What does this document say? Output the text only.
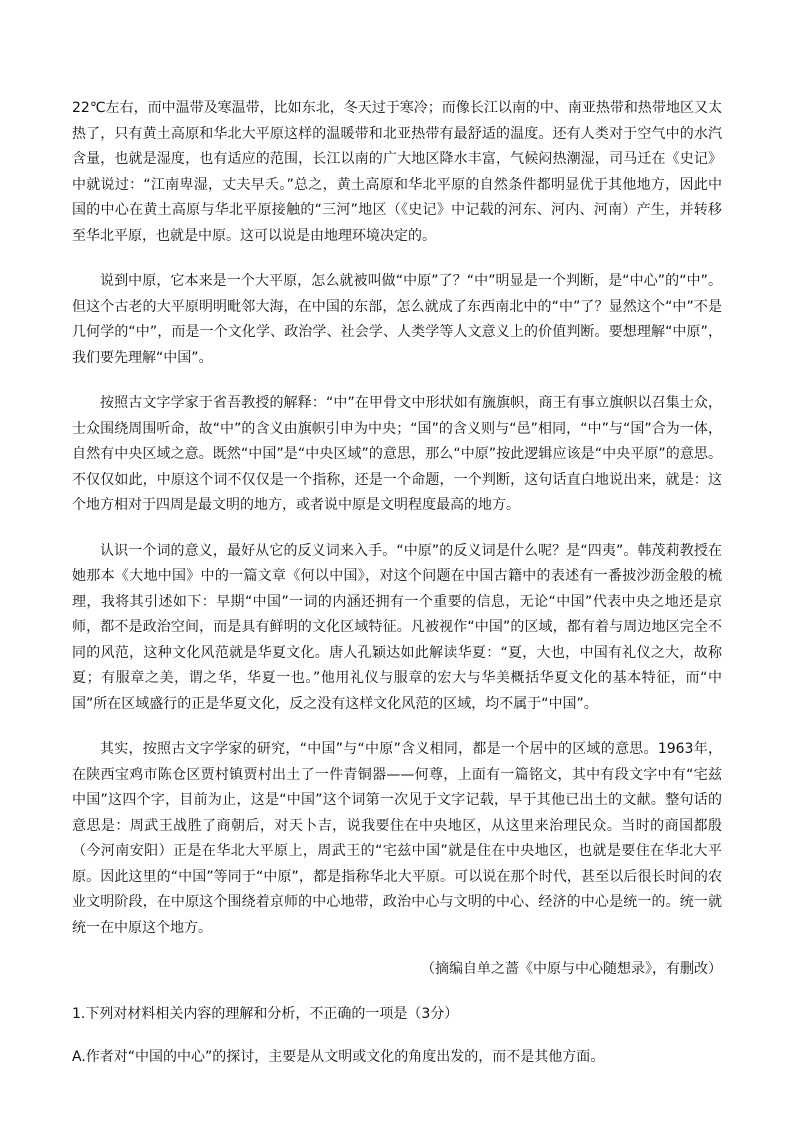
22℃左右，而中温带及寒温带，比如东北，冬天过于寒冷；而像长江以南的中、南亚热带和热带地区又太热了，只有黄土高原和华北大平原这样的温暖带和北亚热带有最舒适的温度。还有人类对于空气中的水汽含量，也就是湿度，也有适应的范围，长江以南的广大地区降水丰富，气候闷热潮湿，司马迁在《史记》中就说过：“江南卑湿，丈夫早夭。”总之，黄土高原和华北平原的自然条件都明显优于其他地方，因此中国的中心在黄土高原与华北平原接触的“三河”地区（《史记》中记载的河东、河内、河南）产生，并转移至华北平原，也就是中原。这可以说是由地理环境决定的。

说到中原，它本来是一个大平原，怎么就被叫做“中原”了？“中”明显是一个判断，是“中心”的“中”。但这个古老的大平原明明毗邻大海，在中国的东部，怎么就成了东西南北中的“中”了？显然这个“中”不是几何学的“中”，而是一个文化学、政治学、社会学、人类学等人文意义上的价值判断。要想理解“中原”，我们要先理解“中国”。

按照古文字学家于省吾教授的解释：“中”在甲骨文中形状如有旒旗帜，商王有事立旗帜以召集士众，士众围绕周围听命，故“中”的含义由旗帜引申为中央；“国”的含义则与“邑”相同，“中”与“国”合为一体，自然有中央区域之意。既然“中国”是“中央区域”的意思，那么“中原”按此逻辑应该是“中央平原”的意思。不仅仅如此，中原这个词不仅仅是一个指称，还是一个命题，一个判断，这句话直白地说出来，就是：这个地方相对于四周是最文明的地方，或者说中原是文明程度最高的地方。

认识一个词的意义，最好从它的反义词来入手。“中原”的反义词是什么呢？是“四夷”。韩茂莉教授在她那本《大地中国》中的一篇文章《何以中国》，对这个问题在中国古籍中的表述有一番披沙沥金般的梳理，我将其引述如下：早期“中国”一词的内涵还拥有一个重要的信息，无论“中国”代表中央之地还是京师，都不是政治空间，而是具有鲜明的文化区域特征。凡被视作“中国”的区域，都有着与周边地区完全不同的风范，这种文化风范就是华夏文化。唐人孔颖达如此解读华夏：“夏，大也，中国有礼仪之大，故称夏；有服章之美，谓之华，华夏一也。”他用礼仪与服章的宏大与华美概括华夏文化的基本特征，而“中国”所在区域盛行的正是华夏文化，反之没有这样文化风范的区域，均不属于“中国”。

其实，按照古文字学家的研究，“中国”与“中原”含义相同，都是一个居中的区域的意思。1963年，在陕西宝鸡市陈仓区贾村镇贾村出土了一件青铜器——何尊，上面有一篇铭文，其中有段文字中有“宅兹中国”这四个字，目前为止，这是“中国”这个词第一次见于文字记载，早于其他已出土的文献。整句话的意思是：周武王战胜了商朝后，对天卜吉，说我要住在中央地区，从这里来治理民众。当时的商国都殷（今河南安阳）正是在华北大平原上，周武王的“宅兹中国”就是住在中央地区，也就是要住在华北大平原。因此这里的“中国”等同于“中原”，都是指称华北大平原。可以说在那个时代，甚至以后很长时间的农业文明阶段，在中原这个围绕着京师的中心地带，政治中心与文明的中心、经济的中心是统一的。统一就统一在中原这个地方。

（摘编自单之蔷《中原与中心随想录》，有删改）

1.下列对材料相关内容的理解和分析，不正确的一项是（3分）

A.作者对“中国的中心”的探讨，主要是从文明或文化的角度出发的，而不是其他方面。
